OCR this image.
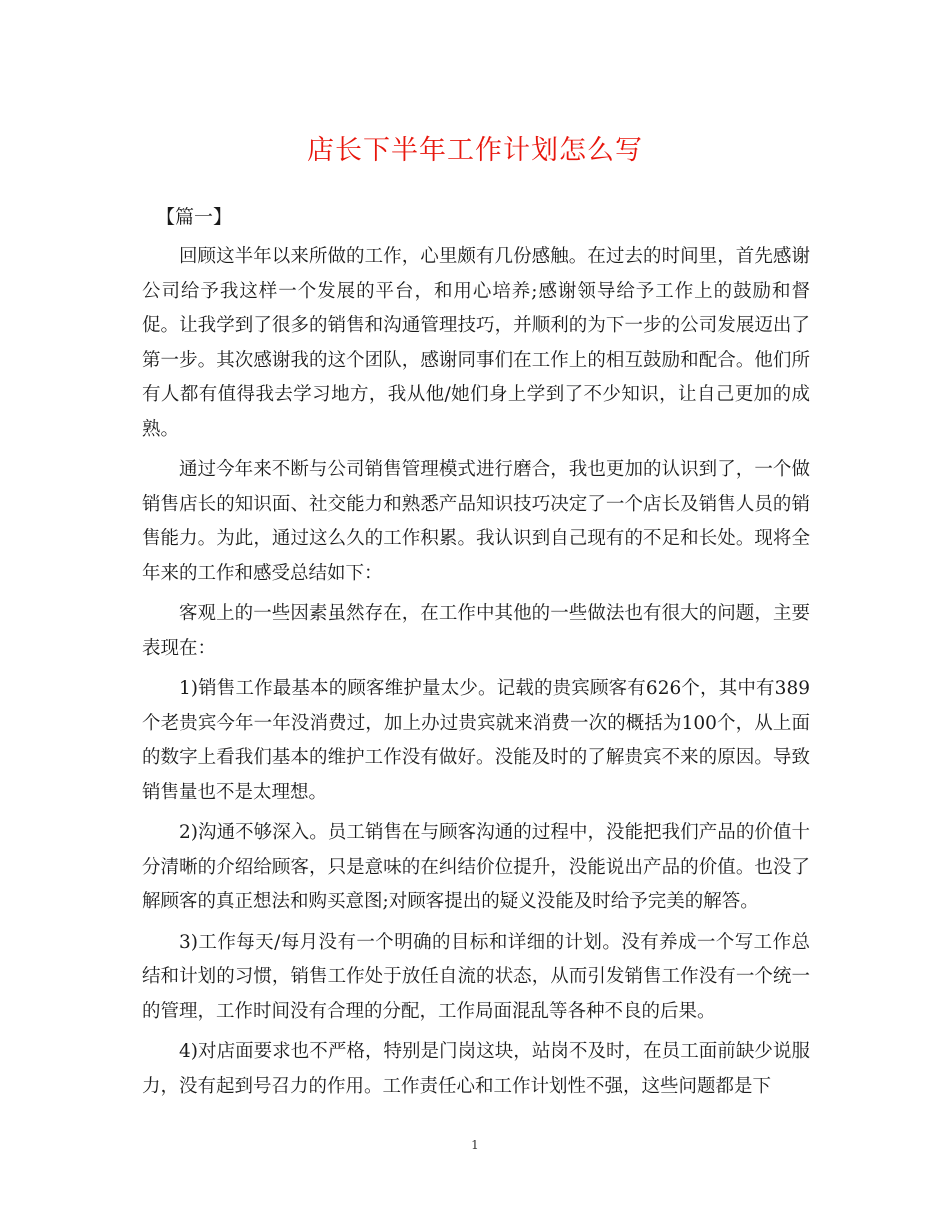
店长下半年工作计划怎么写

【篇一】

回顾这半年以来所做的工作，心里颇有几份感触。在过去的时间里，首先感谢公司给予我这样一个发展的平台，和用心培养;感谢领导给予工作上的鼓励和督促。让我学到了很多的销售和沟通管理技巧，并顺利的为下一步的公司发展迈出了第一步。其次感谢我的这个团队，感谢同事们在工作上的相互鼓励和配合。他们所有人都有值得我去学习地方，我从他/她们身上学到了不少知识，让自己更加的成熟。

通过今年来不断与公司销售管理模式进行磨合，我也更加的认识到了，一个做销售店长的知识面、社交能力和熟悉产品知识技巧决定了一个店长及销售人员的销售能力。为此，通过这么久的工作积累。我认识到自己现有的不足和长处。现将全年来的工作和感受总结如下：

客观上的一些因素虽然存在，在工作中其他的一些做法也有很大的问题，主要表现在：

1)销售工作最基本的顾客维护量太少。记载的贵宾顾客有626个，其中有389个老贵宾今年一年没消费过，加上办过贵宾就来消费一次的概括为100个，从上面的数字上看我们基本的维护工作没有做好。没能及时的了解贵宾不来的原因。导致销售量也不是太理想。

2)沟通不够深入。员工销售在与顾客沟通的过程中，没能把我们产品的价值十分清晰的介绍给顾客，只是意味的在纠结价位提升，没能说出产品的价值。也没了解顾客的真正想法和购买意图;对顾客提出的疑义没能及时给予完美的解答。

3)工作每天/每月没有一个明确的目标和详细的计划。没有养成一个写工作总结和计划的习惯，销售工作处于放任自流的状态，从而引发销售工作没有一个统一的管理，工作时间没有合理的分配，工作局面混乱等各种不良的后果。

4)对店面要求也不严格，特别是门岗这块，站岗不及时，在员工面前缺少说服力，没有起到号召力的作用。工作责任心和工作计划性不强，这些问题都是下

1
